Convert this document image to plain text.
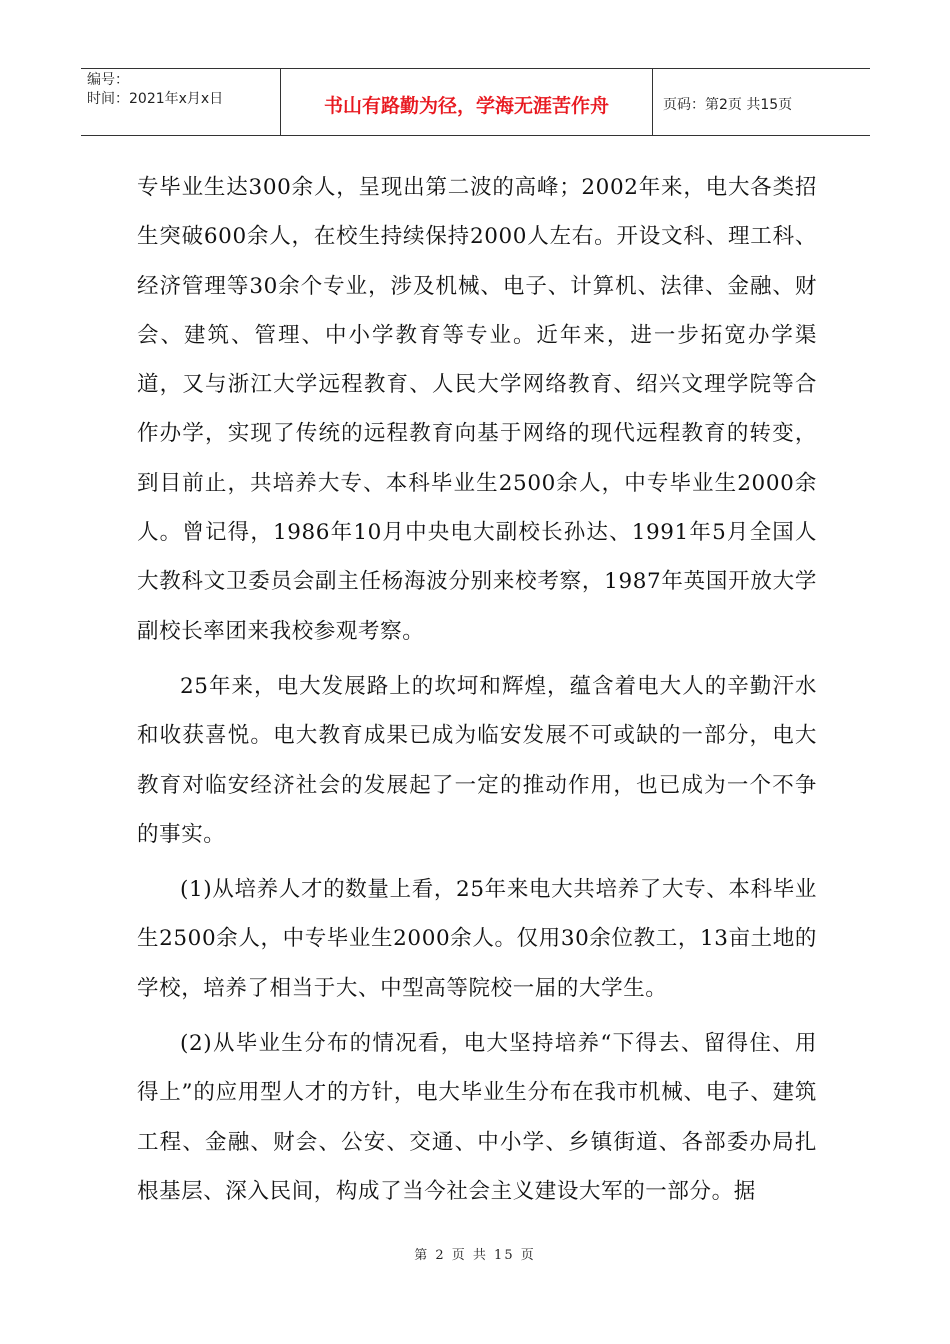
编号：
时间：2021年x月x日	书山有路勤为径，学海无涯苦作舟	页码：第2页 共15页

专毕业生达300余人，呈现出第二波的高峰；2002年来，电大各类招生突破600余人，在校生持续保持2000人左右。开设文科、理工科、经济管理等30余个专业，涉及机械、电子、计算机、法律、金融、财会、建筑、管理、中小学教育等专业。近年来，进一步拓宽办学渠道，又与浙江大学远程教育、人民大学网络教育、绍兴文理学院等合作办学，实现了传统的远程教育向基于网络的现代远程教育的转变，到目前止，共培养大专、本科毕业生2500余人，中专毕业生2000余人。曾记得，1986年10月中央电大副校长孙达、1991年5月全国人大教科文卫委员会副主任杨海波分别来校考察，1987年英国开放大学副校长率团来我校参观考察。

25年来，电大发展路上的坎坷和辉煌，蕴含着电大人的辛勤汗水和收获喜悦。电大教育成果已成为临安发展不可或缺的一部分，电大教育对临安经济社会的发展起了一定的推动作用，也已成为一个不争的事实。

(1)从培养人才的数量上看，25年来电大共培养了大专、本科毕业生2500余人，中专毕业生2000余人。仅用30余位教工，13亩土地的学校，培养了相当于大、中型高等院校一届的大学生。

(2)从毕业生分布的情况看，电大坚持培养“下得去、留得住、用得上”的应用型人才的方针，电大毕业生分布在我市机械、电子、建筑工程、金融、财会、公安、交通、中小学、乡镇街道、各部委办局扎根基层、深入民间，构成了当今社会主义建设大军的一部分。据

第 2 页 共 15 页
